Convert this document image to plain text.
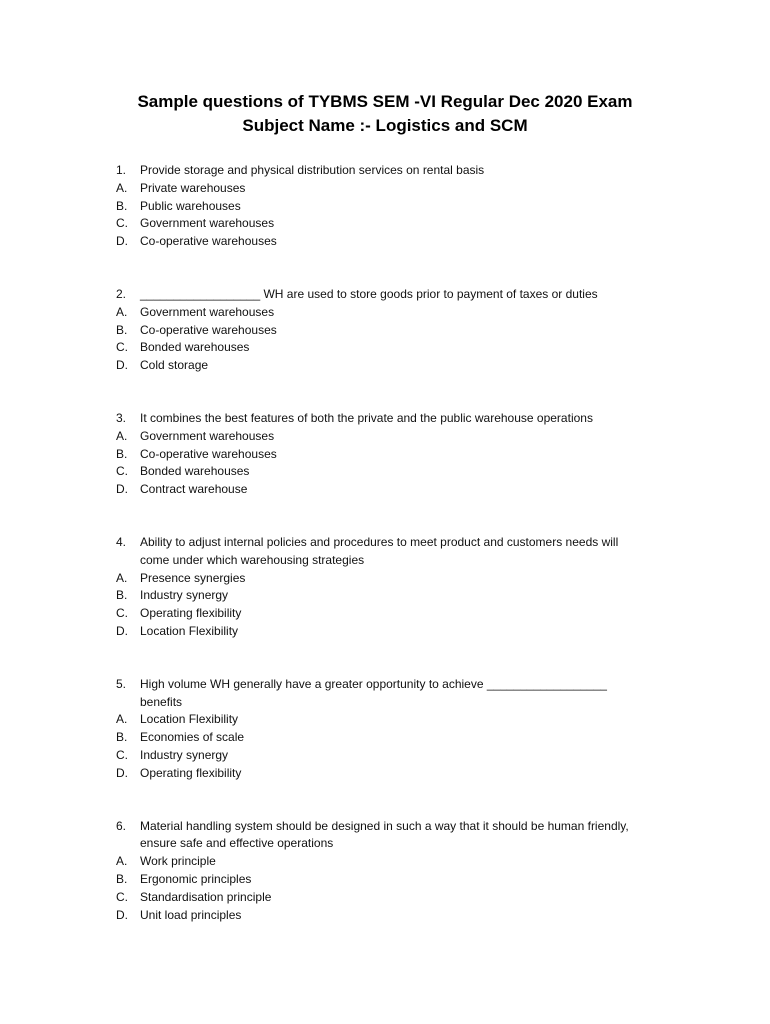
Sample questions of TYBMS SEM -VI Regular Dec 2020 Exam
Subject Name :- Logistics and SCM
1. Provide storage and physical distribution services on rental basis
A. Private warehouses
B. Public warehouses
C. Government warehouses
D. Co-operative warehouses
2. __________________ WH are used to store goods prior to payment of taxes or duties
A. Government warehouses
B. Co-operative warehouses
C. Bonded warehouses
D. Cold storage
3. It combines the best features of both the private and the public warehouse operations
A. Government warehouses
B. Co-operative warehouses
C. Bonded warehouses
D. Contract warehouse
4. Ability to adjust internal policies and procedures to meet product and customers needs will
come under which warehousing strategies
A. Presence synergies
B. Industry synergy
C. Operating flexibility
D. Location Flexibility
5. High volume WH generally have a greater opportunity to achieve __________________
benefits
A. Location Flexibility
B. Economies of scale
C. Industry synergy
D. Operating flexibility
6. Material handling system should be designed in such a way that it should be human friendly,
ensure safe and effective operations
A. Work principle
B. Ergonomic principles
C. Standardisation principle
D. Unit load principles
